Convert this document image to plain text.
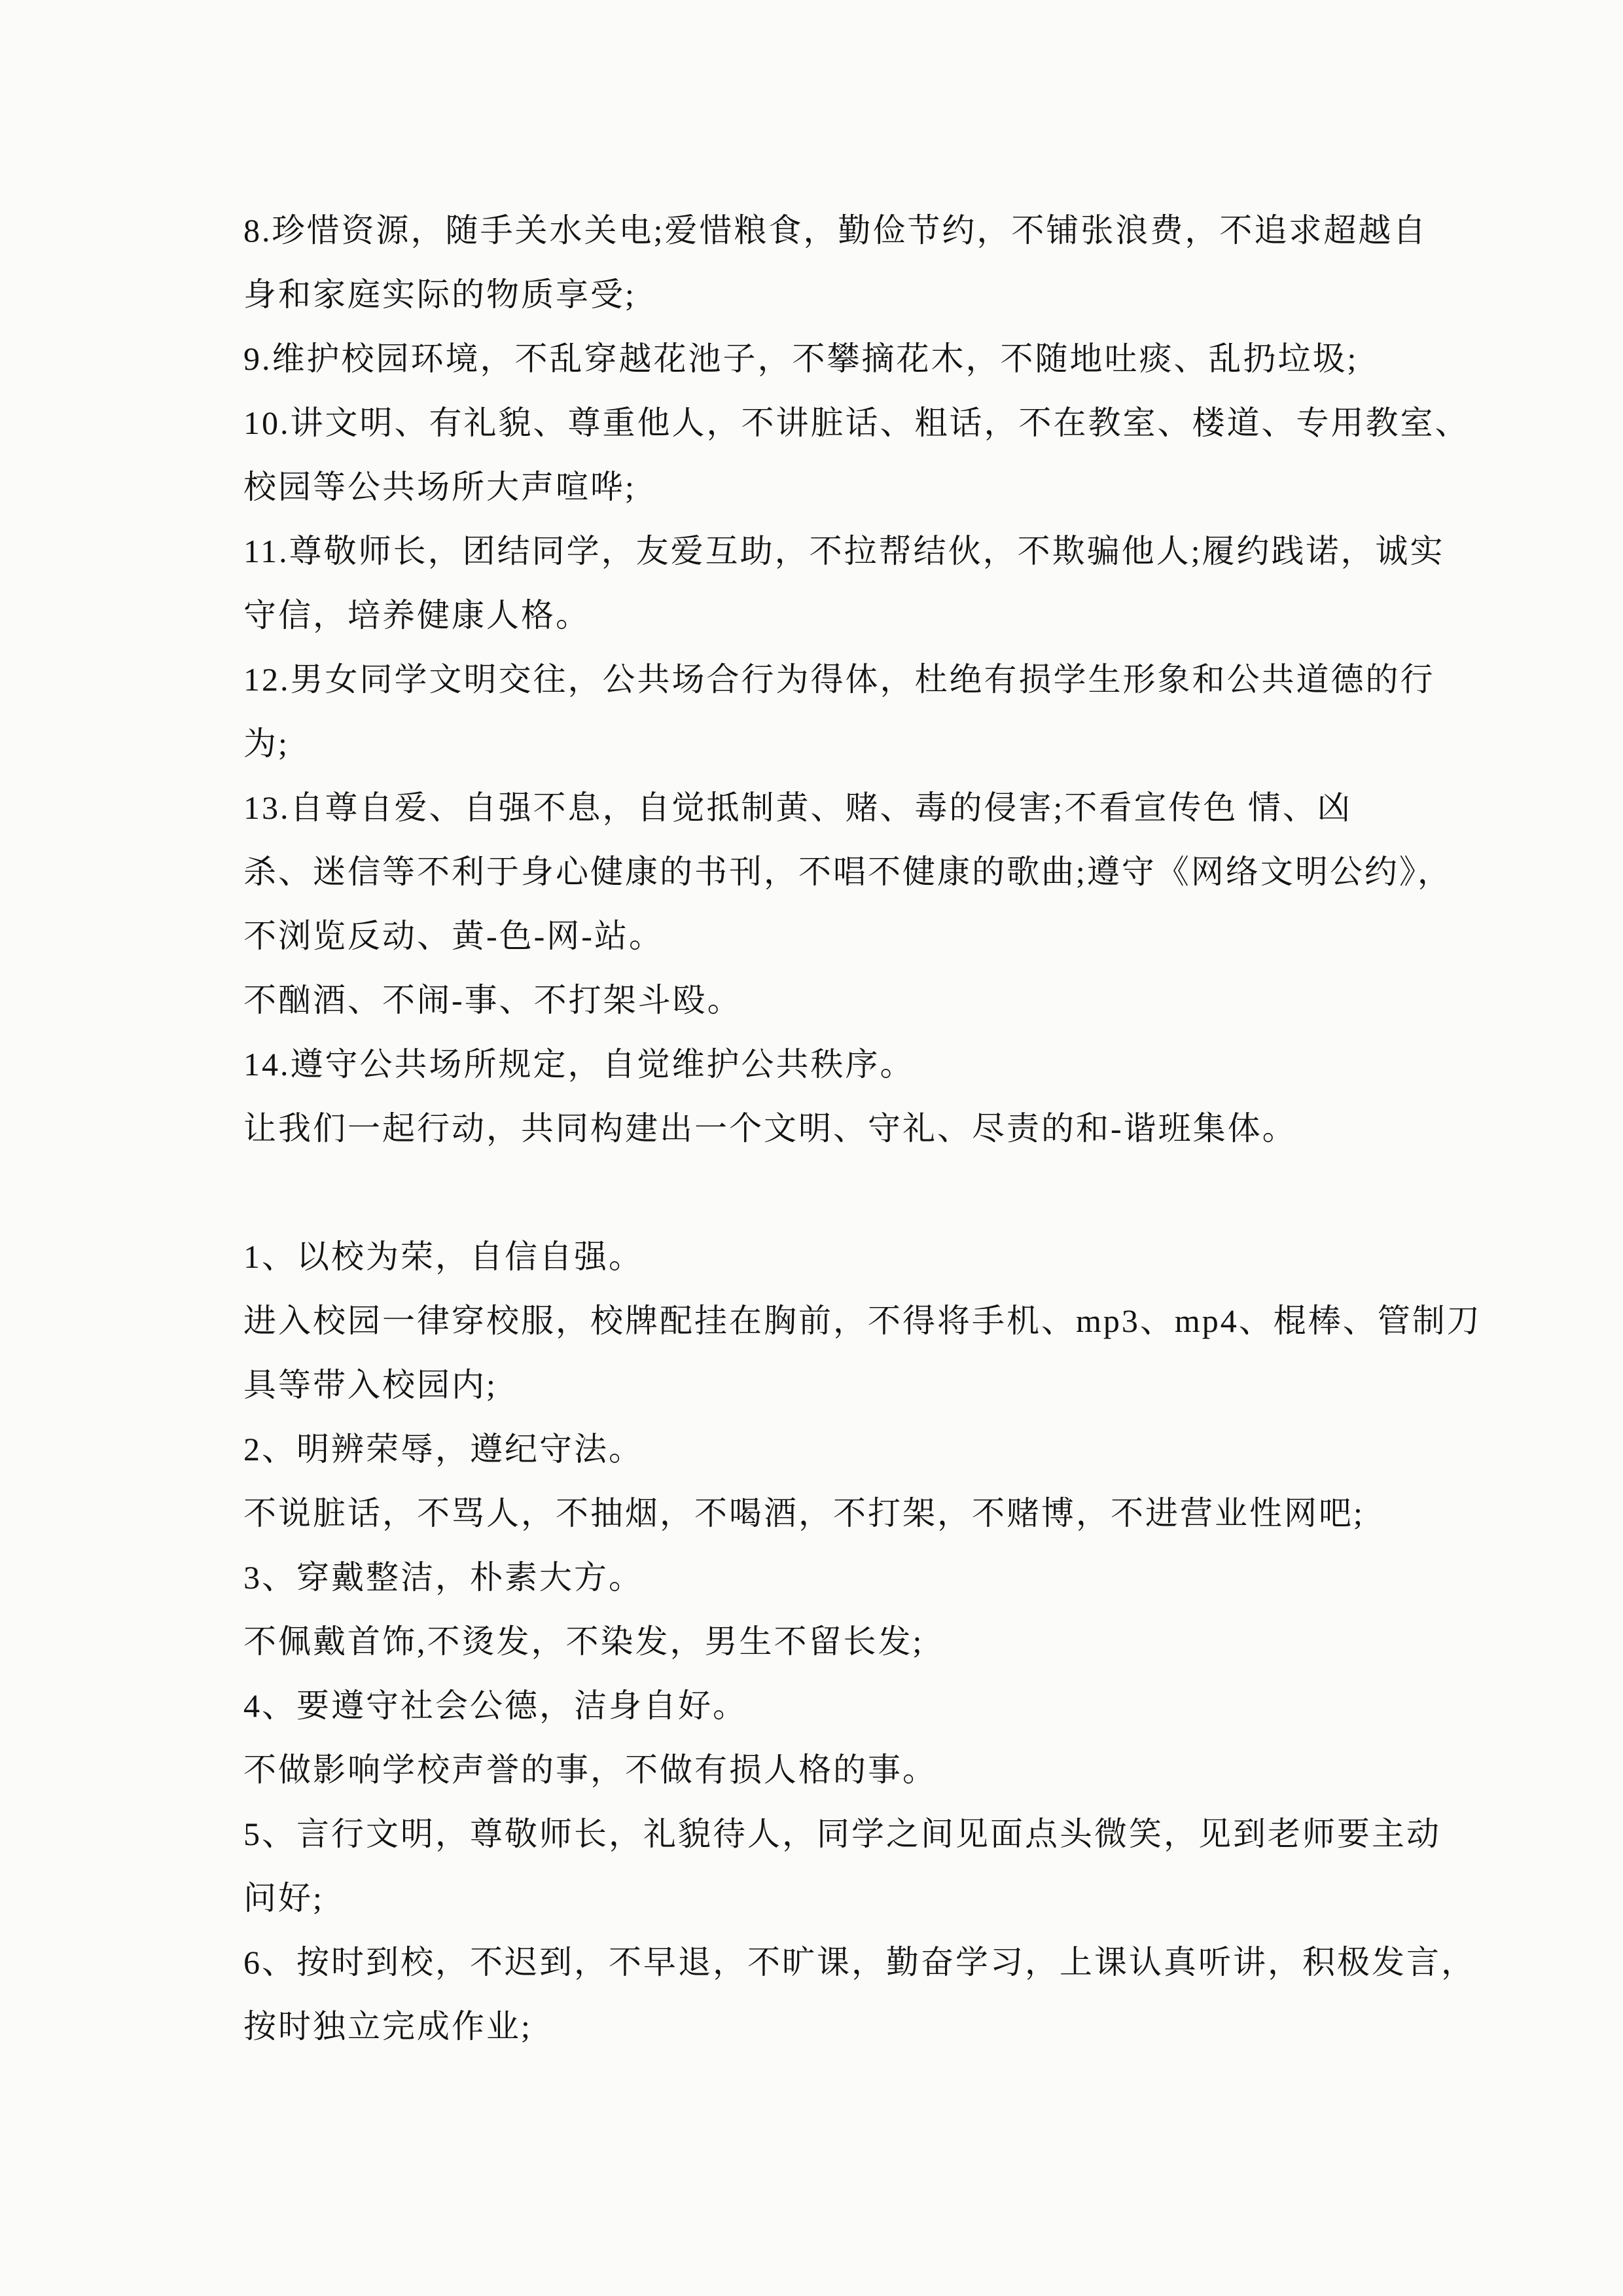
8.珍惜资源，随手关水关电;爱惜粮食，勤俭节约，不铺张浪费，不追求超越自
身和家庭实际的物质享受;
9.维护校园环境，不乱穿越花池子，不攀摘花木，不随地吐痰、乱扔垃圾;
10.讲文明、有礼貌、尊重他人，不讲脏话、粗话，不在教室、楼道、专用教室、
校园等公共场所大声喧哗;
11.尊敬师长，团结同学，友爱互助，不拉帮结伙，不欺骗他人;履约践诺，诚实
守信，培养健康人格。
12.男女同学文明交往，公共场合行为得体，杜绝有损学生形象和公共道德的行
为;
13.自尊自爱、自强不息，自觉抵制黄、赌、毒的侵害;不看宣传色 情、凶
杀、迷信等不利于身心健康的书刊，不唱不健康的歌曲;遵守《网络文明公约》，
不浏览反动、黄-色-网-站。
不酗酒、不闹-事、不打架斗殴。
14.遵守公共场所规定，自觉维护公共秩序。
让我们一起行动，共同构建出一个文明、守礼、尽责的和-谐班集体。
1、以校为荣，自信自强。
进入校园一律穿校服，校牌配挂在胸前，不得将手机、mp3、mp4、棍棒、管制刀
具等带入校园内;
2、明辨荣辱，遵纪守法。
不说脏话，不骂人，不抽烟，不喝酒，不打架，不赌博，不进营业性网吧;
3、穿戴整洁，朴素大方。
不佩戴首饰,不烫发，不染发，男生不留长发;
4、要遵守社会公德，洁身自好。
不做影响学校声誉的事，不做有损人格的事。
5、言行文明，尊敬师长，礼貌待人，同学之间见面点头微笑，见到老师要主动
问好;
6、按时到校，不迟到，不早退，不旷课，勤奋学习，上课认真听讲，积极发言，
按时独立完成作业;
